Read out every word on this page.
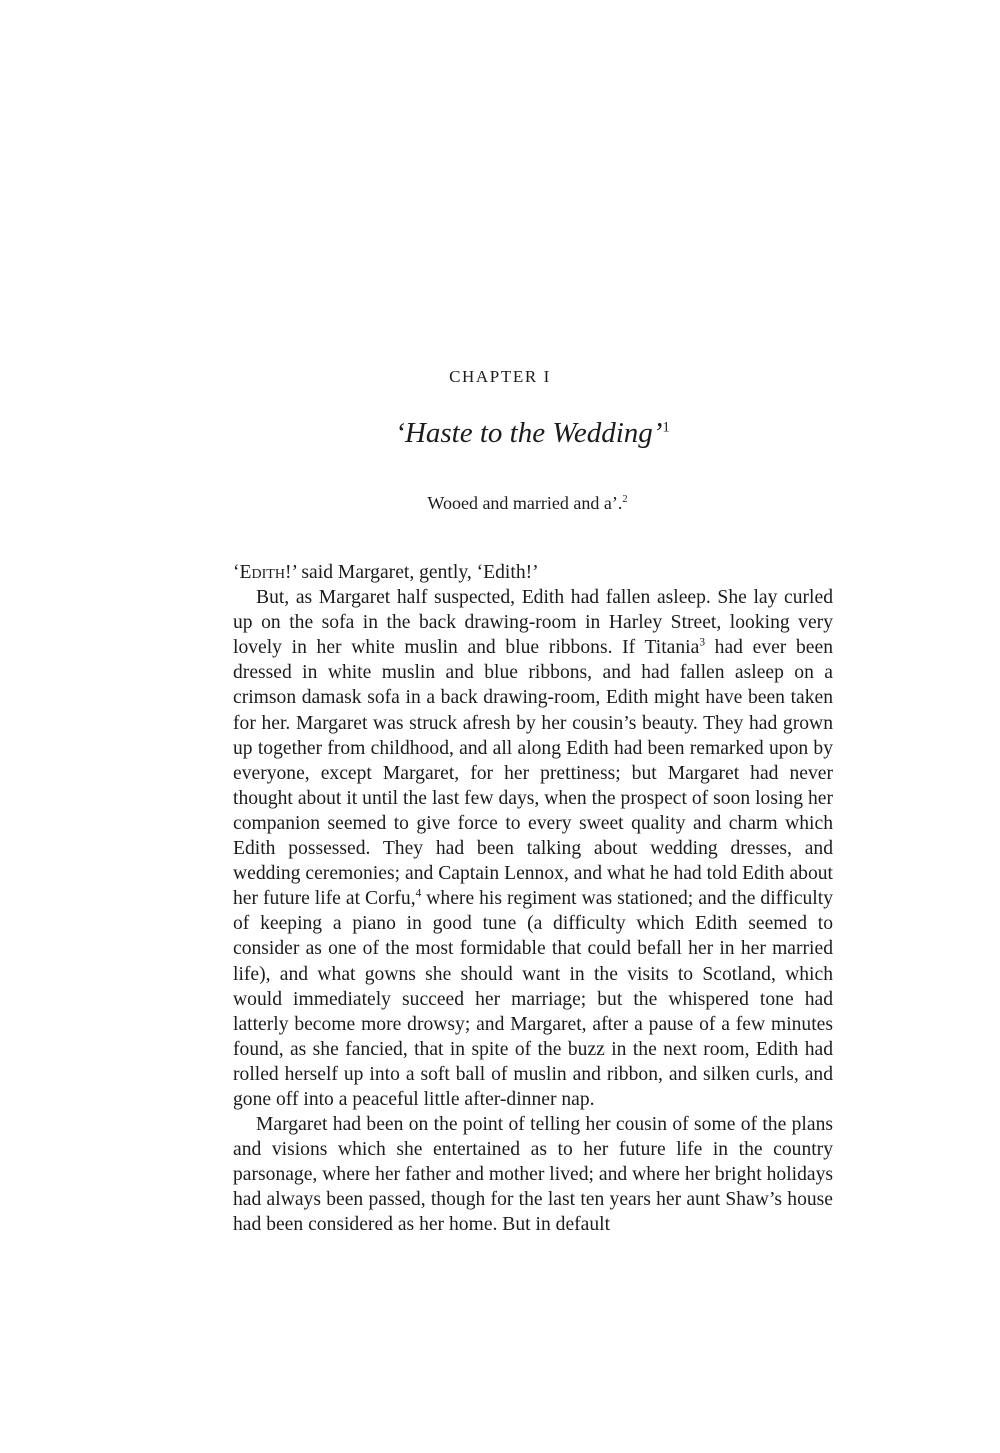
CHAPTER I

‘Haste to the Wedding’$^1$

Wooed and married and a’.$^2$

‘Edith!’ said Margaret, gently, ‘Edith!’

But, as Margaret half suspected, Edith had fallen asleep. She lay curled up on the sofa in the back drawing-room in Harley Street, looking very lovely in her white muslin and blue ribbons. If Titania$^3$ had ever been dressed in white muslin and blue ribbons, and had fallen asleep on a crimson damask sofa in a back drawing-room, Edith might have been taken for her. Margaret was struck afresh by her cousin’s beauty. They had grown up together from childhood, and all along Edith had been remarked upon by everyone, except Margaret, for her prettiness; but Margaret had never thought about it until the last few days, when the prospect of soon losing her companion seemed to give force to every sweet quality and charm which Edith possessed. They had been talking about wedding dresses, and wedding ceremonies; and Captain Lennox, and what he had told Edith about her future life at Corfu,$^4$ where his regiment was stationed; and the difficulty of keeping a piano in good tune (a difficulty which Edith seemed to consider as one of the most formidable that could befall her in her married life), and what gowns she should want in the visits to Scotland, which would immediately succeed her marriage; but the whispered tone had latterly become more drowsy; and Margaret, after a pause of a few minutes found, as she fancied, that in spite of the buzz in the next room, Edith had rolled herself up into a soft ball of muslin and ribbon, and silken curls, and gone off into a peaceful little after-dinner nap.

Margaret had been on the point of telling her cousin of some of the plans and visions which she entertained as to her future life in the country parsonage, where her father and mother lived; and where her bright holidays had always been passed, though for the last ten years her aunt Shaw’s house had been considered as her home. But in default
